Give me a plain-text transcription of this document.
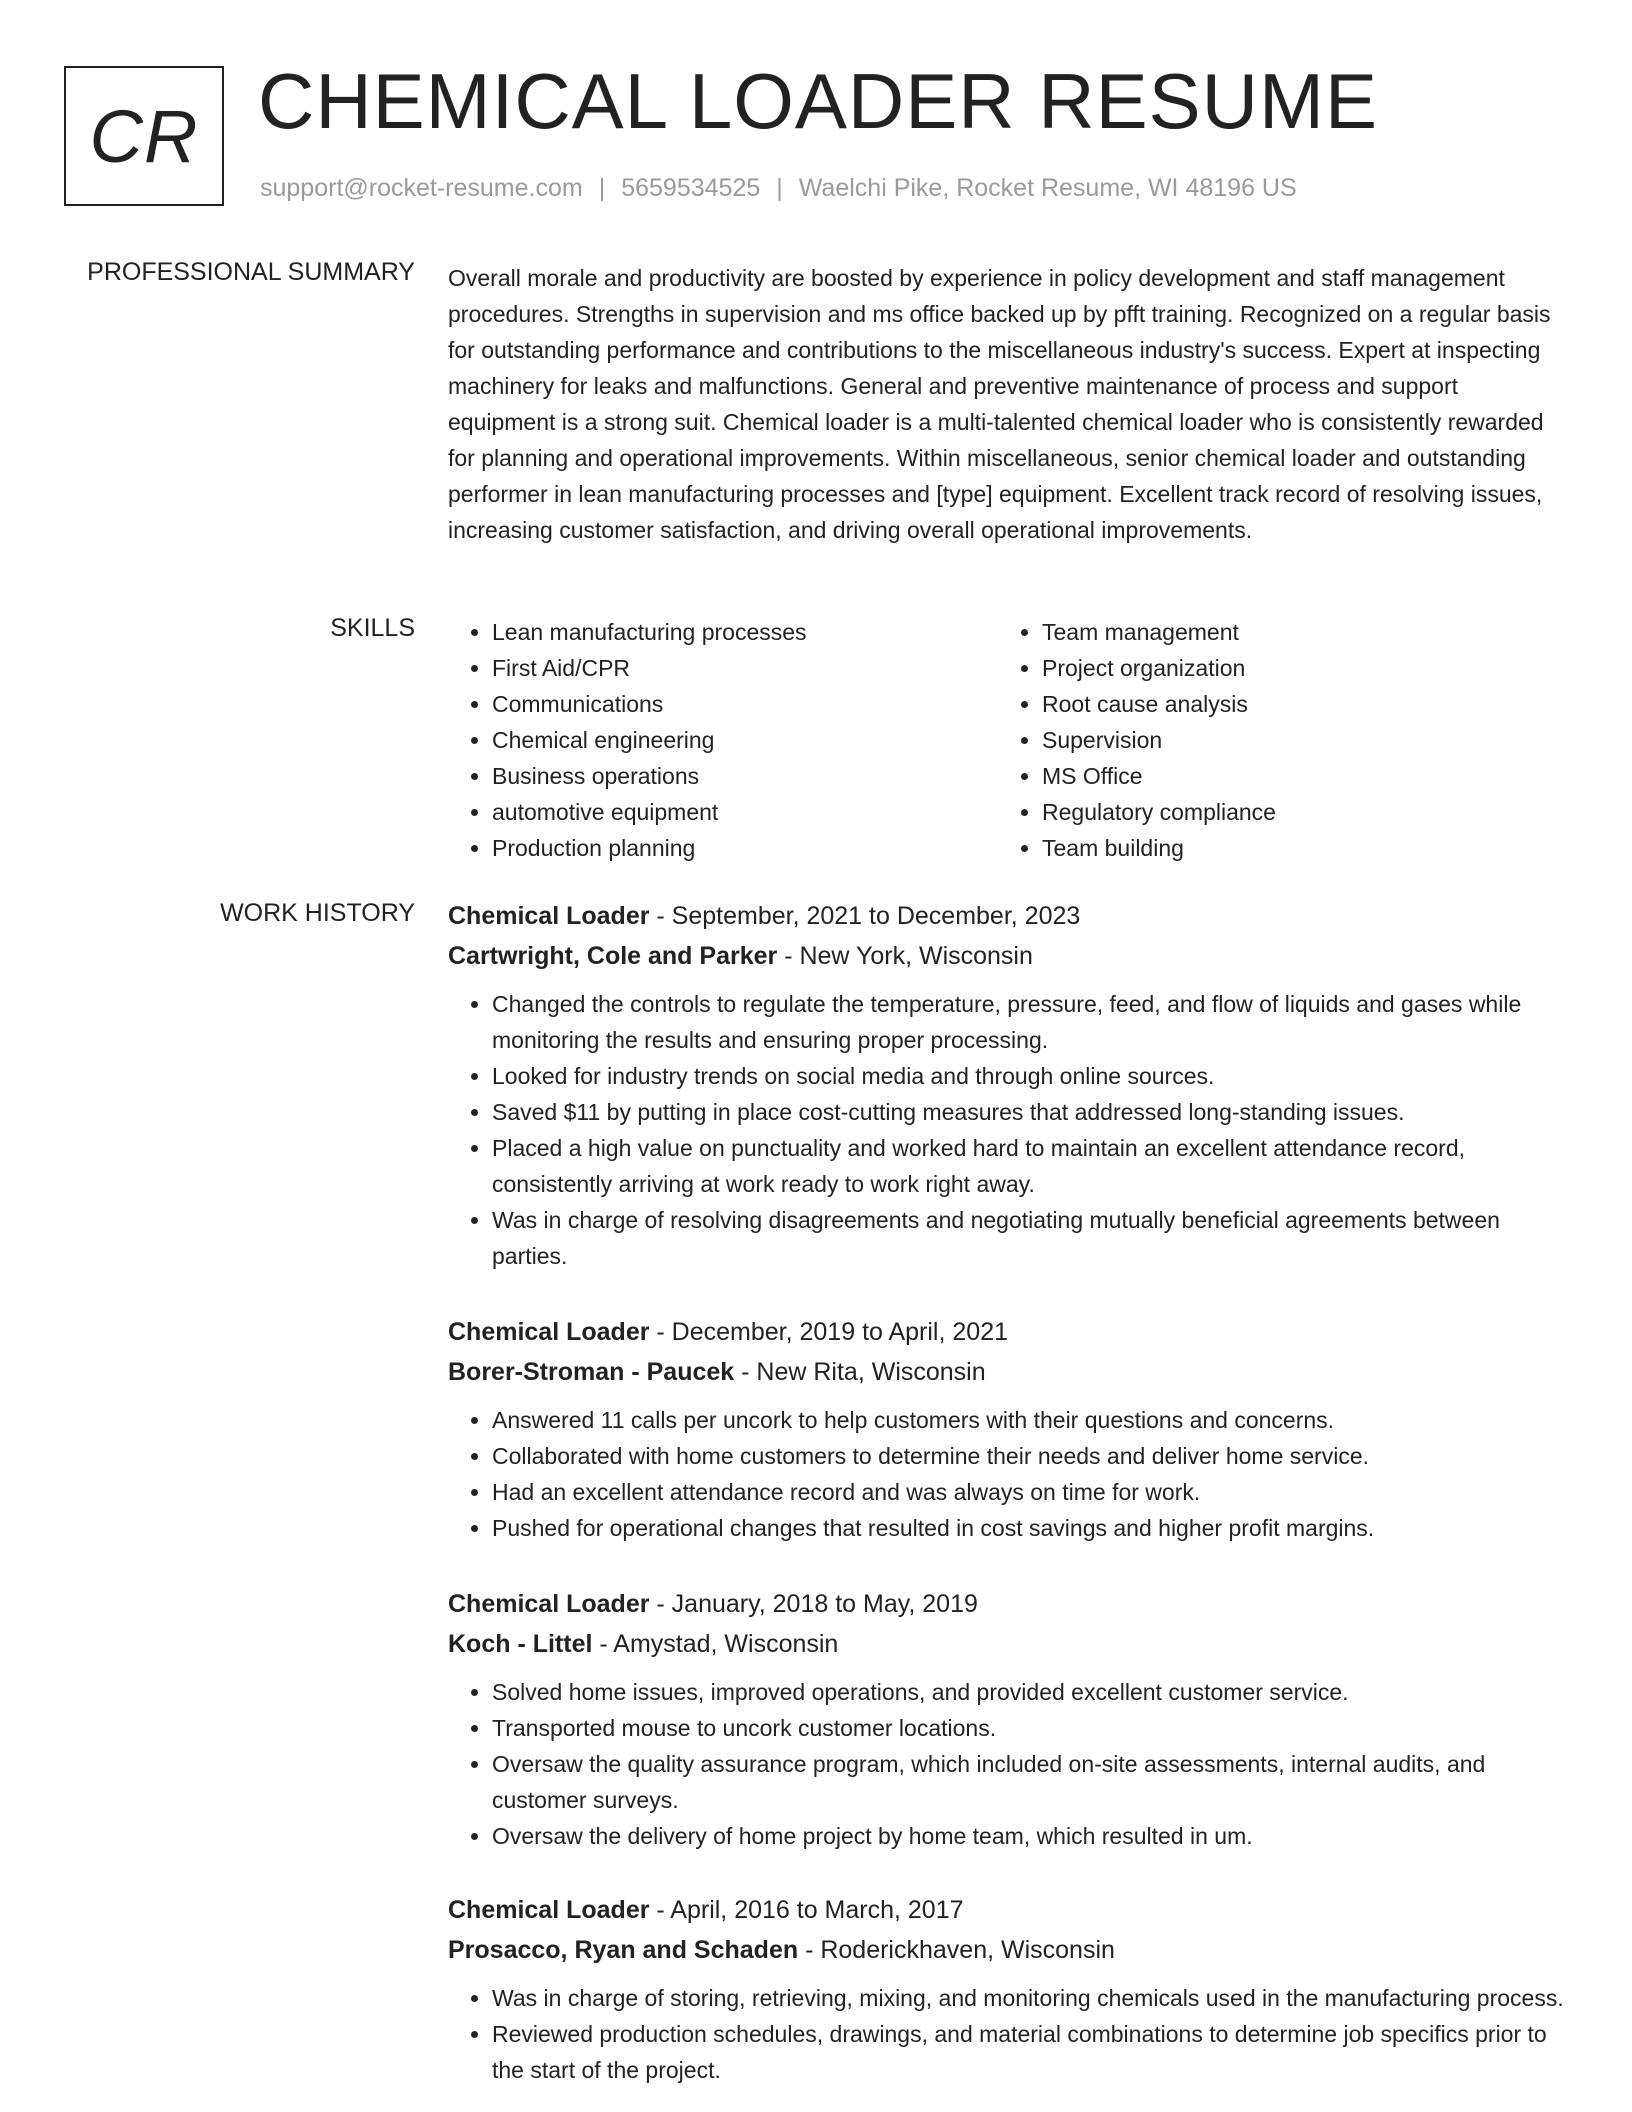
CR CHEMICAL LOADER RESUME
support@rocket-resume.com | 5659534525 | Waelchi Pike, Rocket Resume, WI 48196 US
PROFESSIONAL SUMMARY Overall morale and productivity are boosted by experience in policy development and staff management procedures. Strengths in supervision and ms office backed up by pfft training. Recognized on a regular basis for outstanding performance and contributions to the miscellaneous industry's success. Expert at inspecting machinery for leaks and malfunctions. General and preventive maintenance of process and support equipment is a strong suit. Chemical loader is a multi-talented chemical loader who is consistently rewarded for planning and operational improvements. Within miscellaneous, senior chemical loader and outstanding performer in lean manufacturing processes and [type] equipment. Excellent track record of resolving issues, increasing customer satisfaction, and driving overall operational improvements.

SKILLS
•	Lean manufacturing processes
• First Aid/CPR
• Communications
• Chemical engineering
• Business operations
• automotive equipment
• Production planning
• Team management
• Project organization
• Root cause analysis
• Supervision
• MS Office
• Regulatory compliance
• Team building
WORK HISTORY Chemical Loader - September, 2021 to December, 2023
Cartwright, Cole and Parker - New York, Wisconsin
• Changed the controls to regulate the temperature, pressure, feed, and flow of liquids and gases while monitoring the results and ensuring proper processing.
• Looked for industry trends on social media and through online sources.
• Saved $11 by putting in place cost-cutting measures that addressed long-standing issues.
• Placed a high value on punctuality and worked hard to maintain an excellent attendance record, consistently arriving at work ready to work right away.
• Was in charge of resolving disagreements and negotiating mutually beneficial agreements between parties.
Chemical Loader - December, 2019 to April, 2021
Borer-Stroman - Paucek - New Rita, Wisconsin
• Answered 11 calls per uncork to help customers with their questions and concerns.
• Collaborated with home customers to determine their needs and deliver home service.
• Had an excellent attendance record and was always on time for work.
• Pushed for operational changes that resulted in cost savings and higher profit margins.
Chemical Loader - January, 2018 to May, 2019
Koch - Littel - Amystad, Wisconsin
• Solved home issues, improved operations, and provided excellent customer service.
• Transported mouse to uncork customer locations.
• Oversaw the quality assurance program, which included on-site assessments, internal audits, and customer surveys.
• Oversaw the delivery of home project by home team, which resulted in um.
Chemical Loader - April, 2016 to March, 2017
Prosacco, Ryan and Schaden - Roderickhaven, Wisconsin
• Was in charge of storing, retrieving, mixing, and monitoring chemicals used in the manufacturing process.
• Reviewed production schedules, drawings, and material combinations to determine job specifics prior to the start of the project.
